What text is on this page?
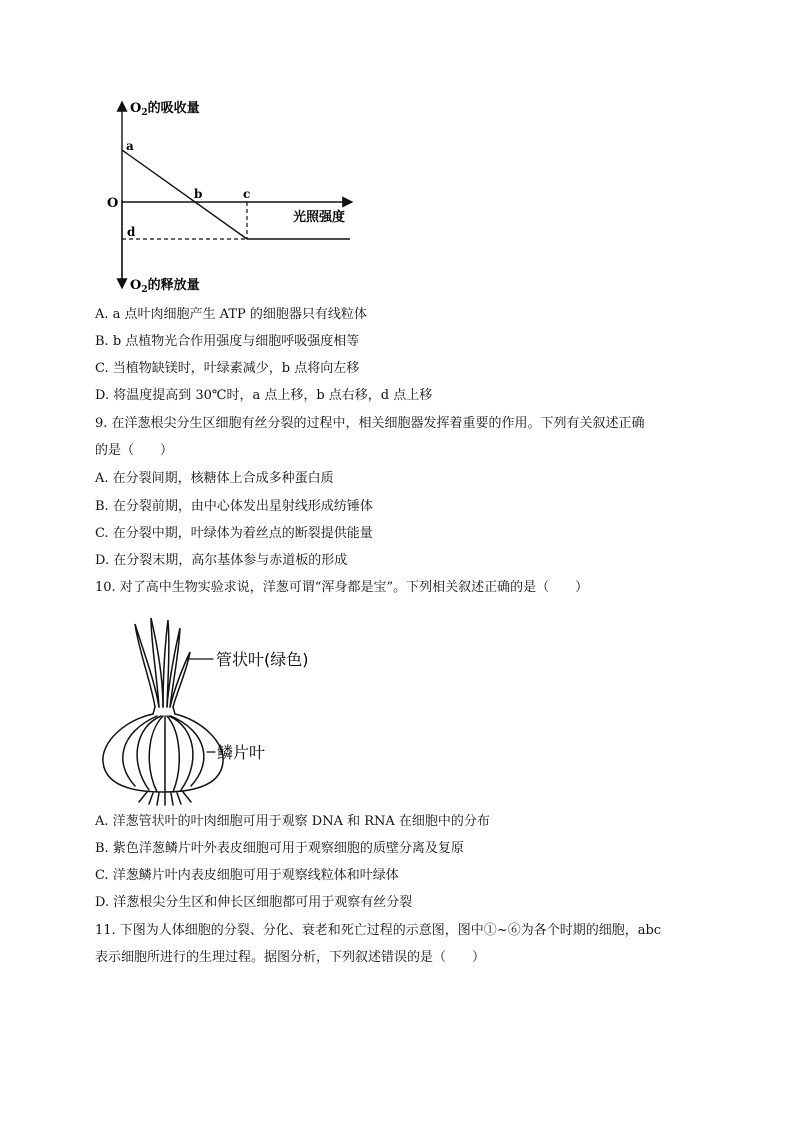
$O_2$的吸收量
$O_2$的释放量
光照强度
O
a
b	c
d
A. a 点叶肉细胞产生 ATP 的细胞器只有线粒体
B. b 点植物光合作用强度与细胞呼吸强度相等
C. 当植物缺镁时，叶绿素减少，b 点将向左移
D. 将温度提高到 30℃时，a 点上移，b 点右移，d 点上移
9. 在洋葱根尖分生区细胞有丝分裂的过程中，相关细胞器发挥着重要的作用。下列有关叙述正确
的是（　　）
A. 在分裂间期，核糖体上合成多种蛋白质
B. 在分裂前期，由中心体发出星射线形成纺锤体
C. 在分裂中期，叶绿体为着丝点的断裂提供能量
D. 在分裂末期，高尔基体参与赤道板的形成
10. 对了高中生物实验求说，洋葱可谓“浑身都是宝”。下列相关叙述正确的是（　　）
管状叶(绿色)
鳞片叶
A. 洋葱管状叶的叶肉细胞可用于观察 DNA 和 RNA 在细胞中的分布
B. 紫色洋葱鳞片叶外表皮细胞可用于观察细胞的质壁分离及复原
C. 洋葱鳞片叶内表皮细胞可用于观察线粒体和叶绿体
D. 洋葱根尖分生区和伸长区细胞都可用于观察有丝分裂
11. 下图为人体细胞的分裂、分化、衰老和死亡过程的示意图，图中①~⑥为各个时期的细胞，abc
表示细胞所进行的生理过程。据图分析，下列叙述错误的是（　　）
